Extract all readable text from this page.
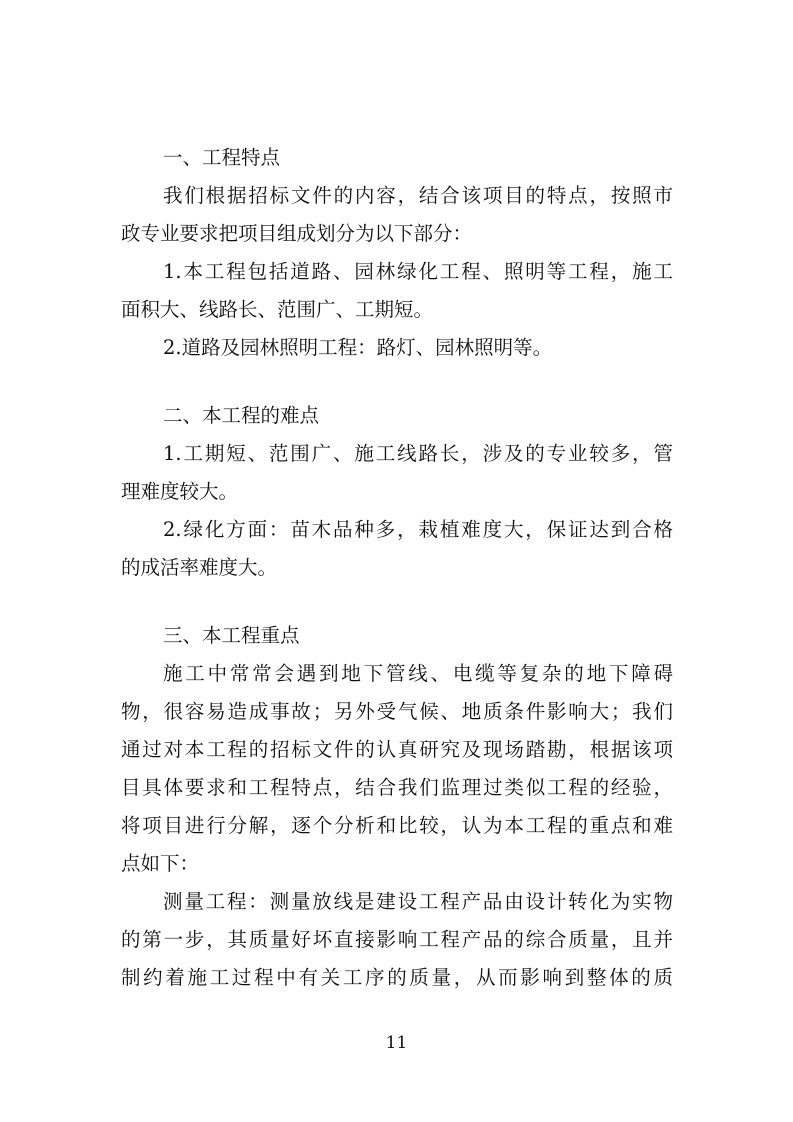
一、工程特点
我们根据招标文件的内容，结合该项目的特点，按照市
政专业要求把项目组成划分为以下部分：
1.本工程包括道路、园林绿化工程、照明等工程，施工
面积大、线路长、范围广、工期短。
2.道路及园林照明工程：路灯、园林照明等。
二、本工程的难点
1.工期短、范围广、施工线路长，涉及的专业较多，管
理难度较大。
2.绿化方面：苗木品种多，栽植难度大，保证达到合格
的成活率难度大。
三、本工程重点
施工中常常会遇到地下管线、电缆等复杂的地下障碍
物，很容易造成事故；另外受气候、地质条件影响大；我们
通过对本工程的招标文件的认真研究及现场踏勘，根据该项
目具体要求和工程特点，结合我们监理过类似工程的经验，
将项目进行分解，逐个分析和比较，认为本工程的重点和难
点如下：
测量工程：测量放线是建设工程产品由设计转化为实物
的第一步，其质量好坏直接影响工程产品的综合质量，且并
制约着施工过程中有关工序的质量，从而影响到整体的质
11
